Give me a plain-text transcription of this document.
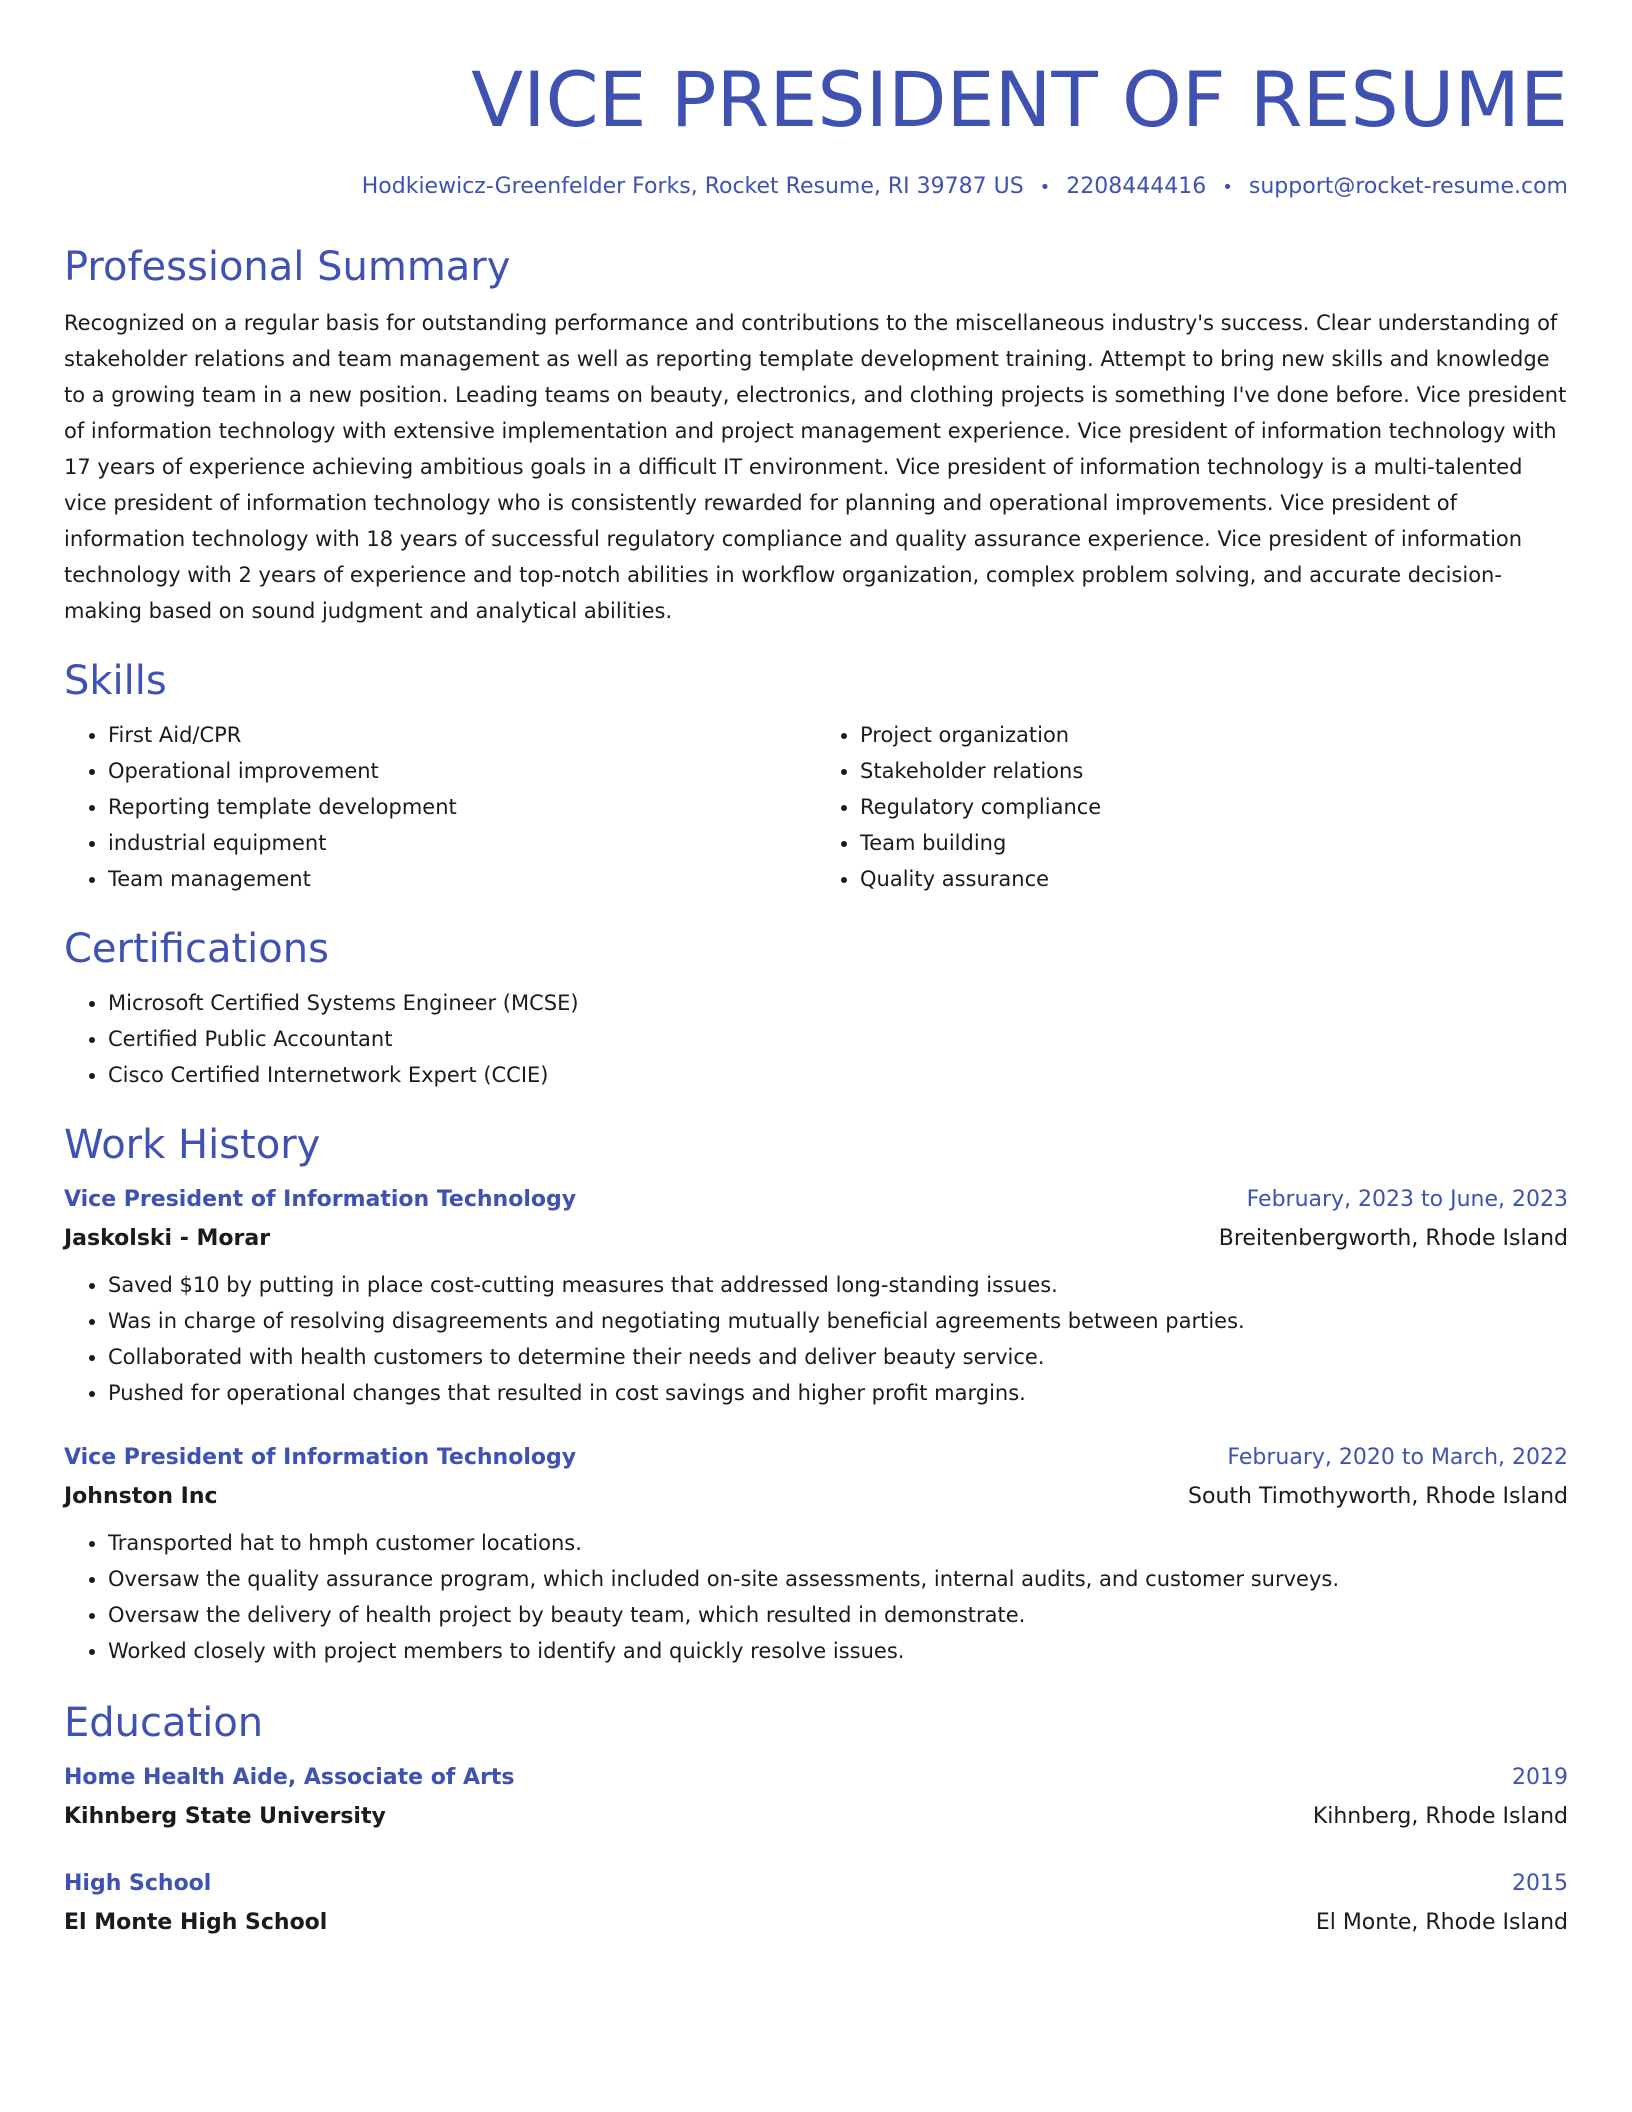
VICE PRESIDENT OF RESUME
Hodkiewicz-Greenfelder Forks, Rocket Resume, RI 39787 US • 2208444416 • support@rocket-resume.com
Professional Summary
Recognized on a regular basis for outstanding performance and contributions to the miscellaneous industry's success. Clear understanding of stakeholder relations and team management as well as reporting template development training. Attempt to bring new skills and knowledge to a growing team in a new position. Leading teams on beauty, electronics, and clothing projects is something I've done before. Vice president of information technology with extensive implementation and project management experience. Vice president of information technology with 17 years of experience achieving ambitious goals in a difficult IT environment. Vice president of information technology is a multi-talented vice president of information technology who is consistently rewarded for planning and operational improvements. Vice president of information technology with 18 years of successful regulatory compliance and quality assurance experience. Vice president of information technology with 2 years of experience and top-notch abilities in workflow organization, complex problem solving, and accurate decision-making based on sound judgment and analytical abilities.
Skills
• First Aid/CPR
• Operational improvement
• Reporting template development
• industrial equipment
• Team management
• Project organization
• Stakeholder relations
• Regulatory compliance
• Team building
• Quality assurance
Certifications
• Microsoft Certified Systems Engineer (MCSE)
• Certified Public Accountant
• Cisco Certified Internetwork Expert (CCIE)
Work History
Vice President of Information Technology	February, 2023 to June, 2023
Jaskolski - Morar	Breitenbergworth, Rhode Island
• Saved $10 by putting in place cost-cutting measures that addressed long-standing issues.
• Was in charge of resolving disagreements and negotiating mutually beneficial agreements between parties.
• Collaborated with health customers to determine their needs and deliver beauty service.
• Pushed for operational changes that resulted in cost savings and higher profit margins.
Vice President of Information Technology	February, 2020 to March, 2022
Johnston Inc	South Timothyworth, Rhode Island
• Transported hat to hmph customer locations.
• Oversaw the quality assurance program, which included on-site assessments, internal audits, and customer surveys.
• Oversaw the delivery of health project by beauty team, which resulted in demonstrate.
• Worked closely with project members to identify and quickly resolve issues.
Education
Home Health Aide, Associate of Arts	2019
Kihnberg State University	Kihnberg, Rhode Island
High School	2015
El Monte High School	El Monte, Rhode Island
